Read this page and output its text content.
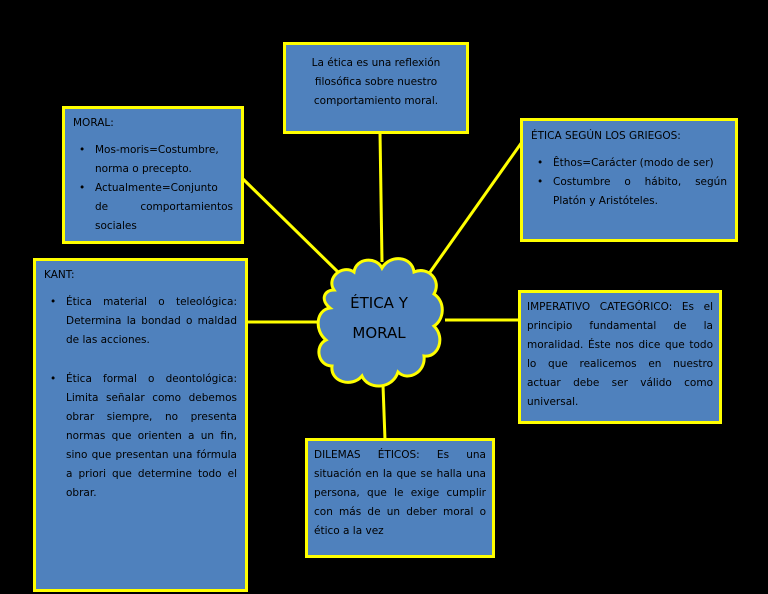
La ética es una reflexión filosófica sobre nuestro comportamiento moral.
MORAL:
• Mos-moris=Costumbre, norma o precepto.
• Actualmente=Conjunto de comportamientos sociales
ÉTICA SEGÚN LOS GRIEGOS:
• Êthos=Carácter (modo de ser)
• Costumbre o hábito, según Platón y Aristóteles.
KANT:
• Ética material o teleológica: Determina la bondad o maldad de las acciones.
• Ética formal o deontológica: Limita señalar como debemos obrar siempre, no presenta normas que orienten a un fin, sino que presentan una fórmula a priori que determine todo el obrar.
ÉTICA Y
MORAL
IMPERATIVO CATEGÓRICO: Es el principio fundamental de la moralidad. Éste nos dice que todo lo que realicemos en nuestro actuar debe ser válido como universal.
DILEMAS ÉTICOS: Es una situación en la que se halla una persona, que le exige cumplir con más de un deber moral o ético a la vez
